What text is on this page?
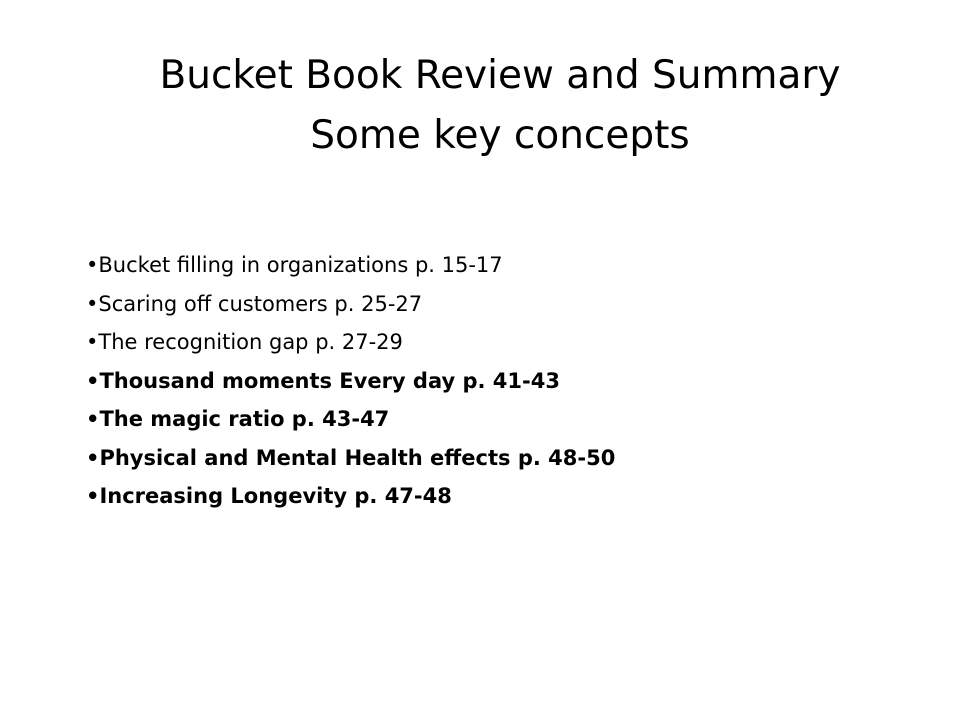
Bucket Book Review and Summary
Some key concepts
•Bucket filling in organizations p. 15-17
•Scaring off customers p. 25-27
•The recognition gap p. 27-29
•Thousand moments Every day p. 41-43
•The magic ratio p. 43-47
•Physical and Mental Health effects p. 48-50
•Increasing Longevity p. 47-48
